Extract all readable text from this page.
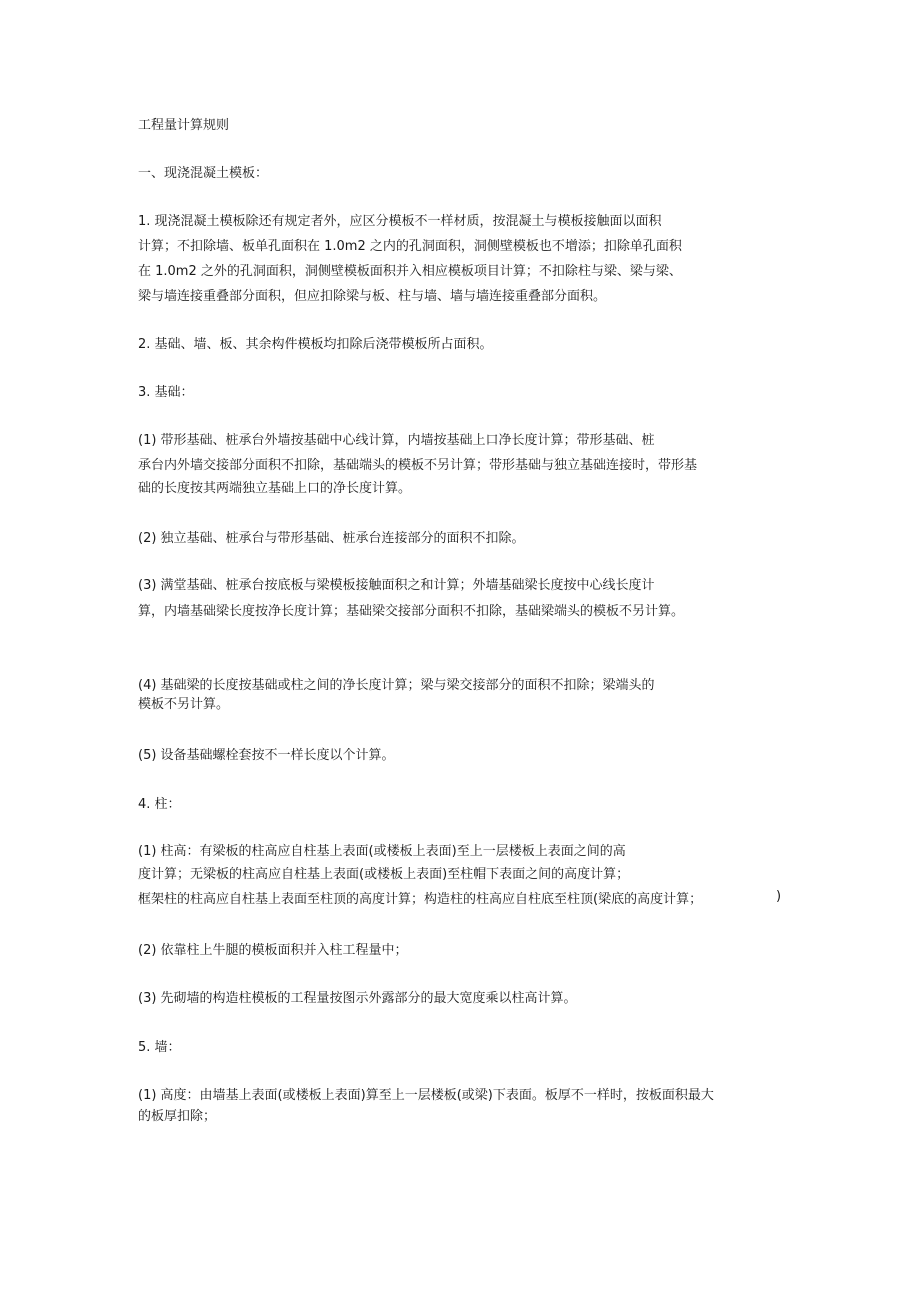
工程量计算规则

一、现浇混凝土模板：

1. 现浇混凝土模板除还有规定者外，应区分模板不一样材质，按混凝土与模板接触面以面积

计算；不扣除墙、板单孔面积在 1.0m2 之内的孔洞面积，洞侧壁模板也不增添；扣除单孔面积

在 1.0m2 之外的孔洞面积，洞侧壁模板面积并入相应模板项目计算；不扣除柱与梁、梁与梁、

梁与墙连接重叠部分面积，但应扣除梁与板、柱与墙、墙与墙连接重叠部分面积。

2. 基础、墙、板、其余构件模板均扣除后浇带模板所占面积。

3. 基础：

(1) 带形基础、桩承台外墙按基础中心线计算，内墙按基础上口净长度计算；带形基础、桩

承台内外墙交接部分面积不扣除，基础端头的模板不另计算；带形基础与独立基础连接时，带形基

础的长度按其两端独立基础上口的净长度计算。

(2) 独立基础、桩承台与带形基础、桩承台连接部分的面积不扣除。

(3) 满堂基础、桩承台按底板与梁模板接触面积之和计算；外墙基础梁长度按中心线长度计

算，内墙基础梁长度按净长度计算；基础梁交接部分面积不扣除，基础梁端头的模板不另计算。

(4) 基础梁的长度按基础或柱之间的净长度计算；梁与梁交接部分的面积不扣除；梁端头的

模板不另计算。

(5) 设备基础螺栓套按不一样长度以个计算。

4. 柱：

(1) 柱高：有梁板的柱高应自柱基上表面(或楼板上表面)至上一层楼板上表面之间的高

度计算；无梁板的柱高应自柱基上表面(或楼板上表面)至柱帽下表面之间的高度计算；

框架柱的柱高应自柱基上表面至柱顶的高度计算；构造柱的柱高应自柱底至柱顶(梁底的高度计算；	)

(2) 依靠柱上牛腿的模板面积并入柱工程量中；

(3) 先砌墙的构造柱模板的工程量按图示外露部分的最大宽度乘以柱高计算。

5. 墙：

(1) 高度：由墙基上表面(或楼板上表面)算至上一层楼板(或梁)下表面。板厚不一样时，按板面积最大

的板厚扣除；
